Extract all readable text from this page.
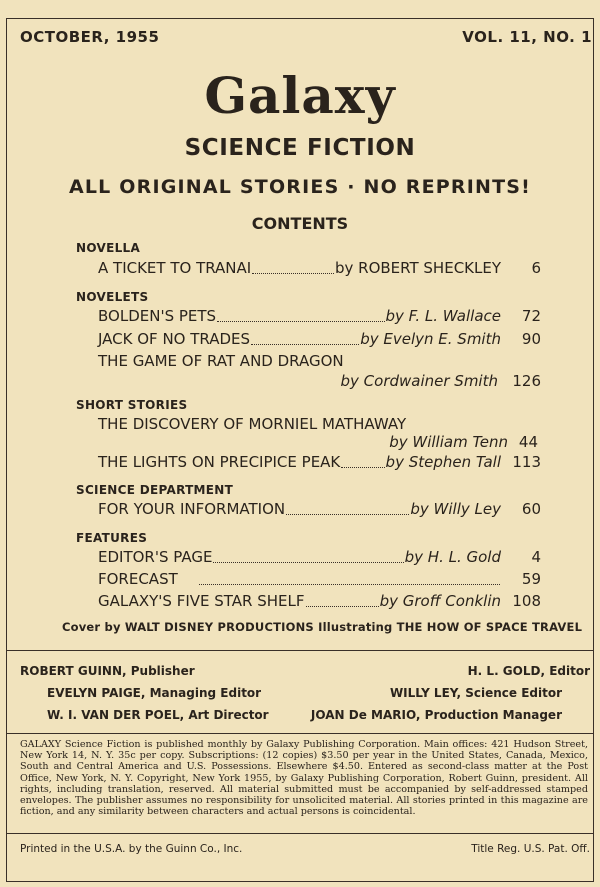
OCTOBER, 1955	VOL. 11, NO. 1
Galaxy
SCIENCE FICTION
ALL ORIGINAL STORIES · NO REPRINTS!
CONTENTS
NOVELLA
A TICKET TO TRANAI	by ROBERT SHECKLEY	6
NOVELETS
BOLDEN'S PETS	by F. L. Wallace	72
JACK OF NO TRADES	by Evelyn E. Smith	90
THE GAME OF RAT AND DRAGON
by Cordwainer Smith 126
SHORT STORIES
THE DISCOVERY OF MORNIEL MATHAWAY
by William Tenn 44
THE LIGHTS ON PRECIPICE PEAK	by Stephen Tall 113
SCIENCE DEPARTMENT
FOR YOUR INFORMATION	by Willy Ley	60
FEATURES
EDITOR'S PAGE	by H. L. Gold	4
FORECAST	59
GALAXY'S FIVE STAR SHELF	by Groff Conklin 108
Cover by WALT DISNEY PRODUCTIONS Illustrating THE HOW OF SPACE TRAVEL
ROBERT GUINN, Publisher	H. L. GOLD, Editor
EVELYN PAIGE, Managing Editor	WILLY LEY, Science Editor
W. I. VAN DER POEL, Art Director	JOAN De MARIO, Production Manager
GALAXY Science Fiction is published monthly by Galaxy Publishing Corporation. Main offices: 421 Hudson Street, New York 14, N. Y. 35c per copy. Subscriptions: (12 copies) $3.50 per year in the United States, Canada, Mexico, South and Central America and U.S. Possessions. Elsewhere $4.50. Entered as second-class matter at the Post Office, New York, N. Y. Copyright, New York 1955, by Galaxy Publishing Corporation, Robert Guinn, president. All rights, including translation, reserved. All material submitted must be accompanied by self-addressed stamped envelopes. The publisher assumes no responsibility for unsolicited material. All stories printed in this magazine are fiction, and any similarity between characters and actual persons is coincidental.
Printed in the U.S.A. by the Guinn Co., Inc.	Title Reg. U.S. Pat. Off.
